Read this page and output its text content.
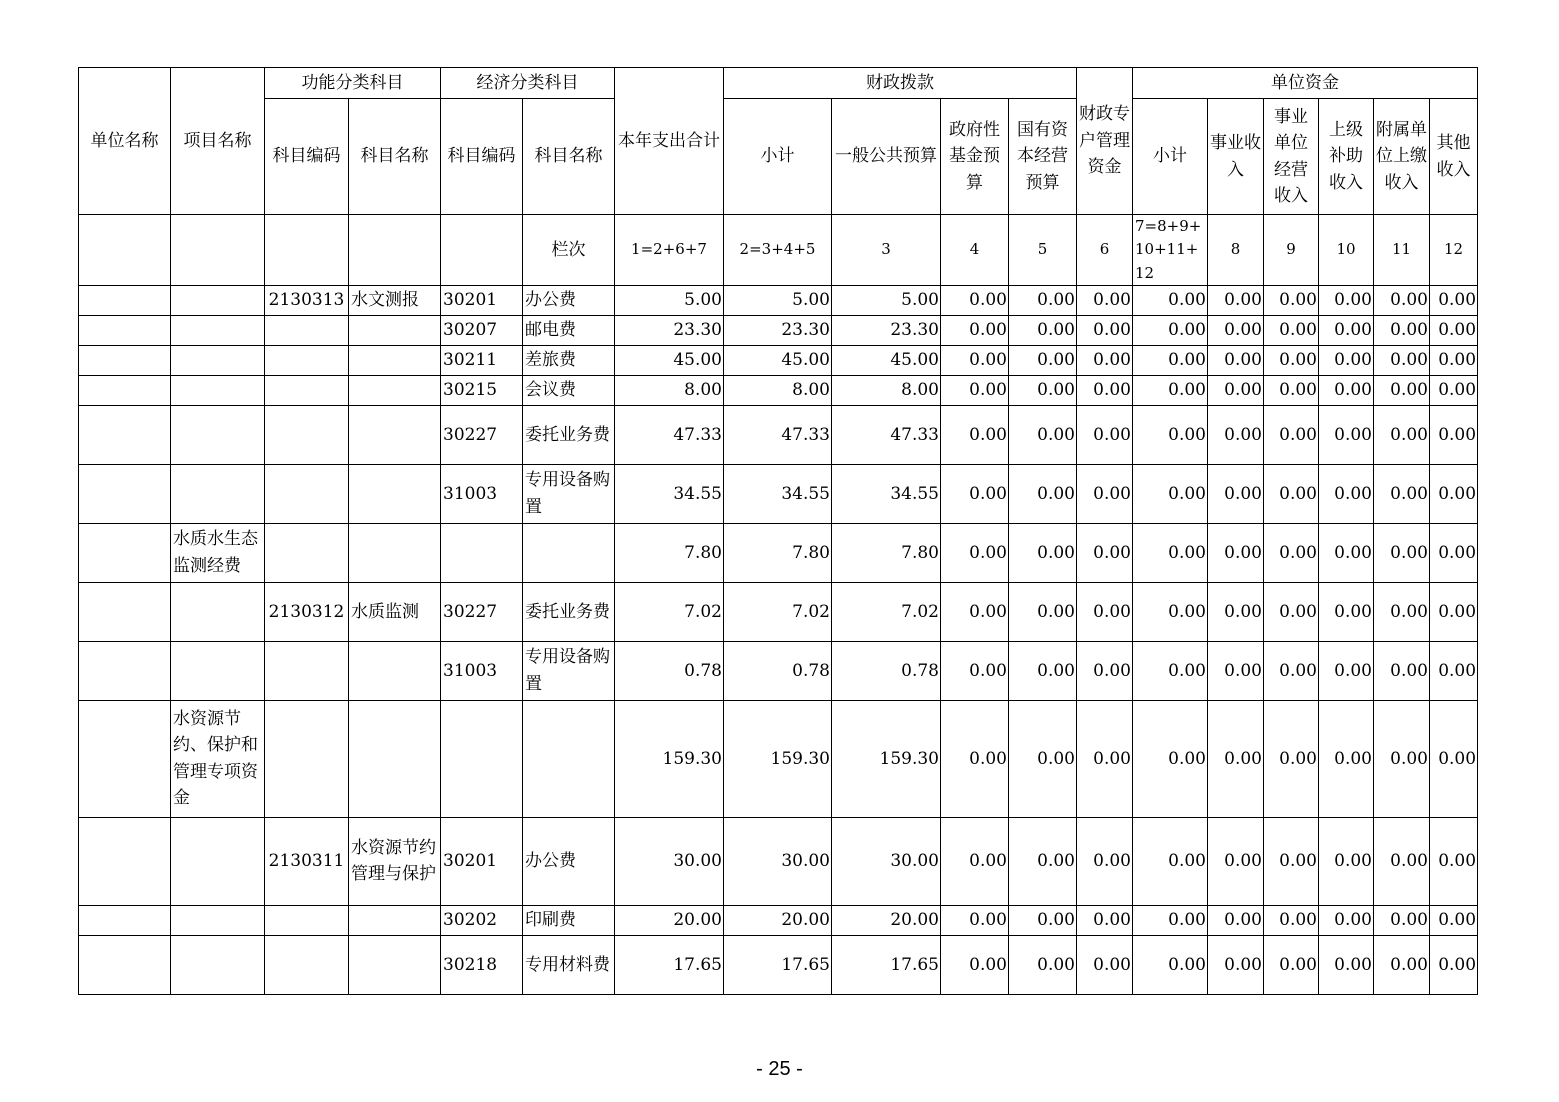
单位名称	项目名称	功能分类科目		经济分类科目		本年支出合计	财政拨款				财政专户管理资金	单位资金					
		科目编码	科目名称	科目编码	科目名称		小计	一般公共预算	政府性基金预算	国有资本经营预算		小计	事业收入	事业单位经营收入	上级补助收入	附属单位上缴收入	其他收入
					栏次	1=2+6+7	2=3+4+5	3	4	5	6	7=8+9+10+11+12	8	9	10	11	12
		2130313	水文测报	30201	办公费	5.00	5.00	5.00	0.00	0.00	0.00	0.00	0.00	0.00	0.00	0.00	0.00
				30207	邮电费	23.30	23.30	23.30	0.00	0.00	0.00	0.00	0.00	0.00	0.00	0.00	0.00
				30211	差旅费	45.00	45.00	45.00	0.00	0.00	0.00	0.00	0.00	0.00	0.00	0.00	0.00
				30215	会议费	8.00	8.00	8.00	0.00	0.00	0.00	0.00	0.00	0.00	0.00	0.00	0.00
				30227	委托业务费	47.33	47.33	47.33	0.00	0.00	0.00	0.00	0.00	0.00	0.00	0.00	0.00
				31003	专用设备购置	34.55	34.55	34.55	0.00	0.00	0.00	0.00	0.00	0.00	0.00	0.00	0.00
	水质水生态监测经费					7.80	7.80	7.80	0.00	0.00	0.00	0.00	0.00	0.00	0.00	0.00	0.00
		2130312	水质监测	30227	委托业务费	7.02	7.02	7.02	0.00	0.00	0.00	0.00	0.00	0.00	0.00	0.00	0.00
				31003	专用设备购置	0.78	0.78	0.78	0.00	0.00	0.00	0.00	0.00	0.00	0.00	0.00	0.00
	水资源节约、保护和管理专项资金					159.30	159.30	159.30	0.00	0.00	0.00	0.00	0.00	0.00	0.00	0.00	0.00
		2130311	水资源节约管理与保护	30201	办公费	30.00	30.00	30.00	0.00	0.00	0.00	0.00	0.00	0.00	0.00	0.00	0.00
				30202	印刷费	20.00	20.00	20.00	0.00	0.00	0.00	0.00	0.00	0.00	0.00	0.00	0.00
				30218	专用材料费	17.65	17.65	17.65	0.00	0.00	0.00	0.00	0.00	0.00	0.00	0.00	0.00
- 25 -
